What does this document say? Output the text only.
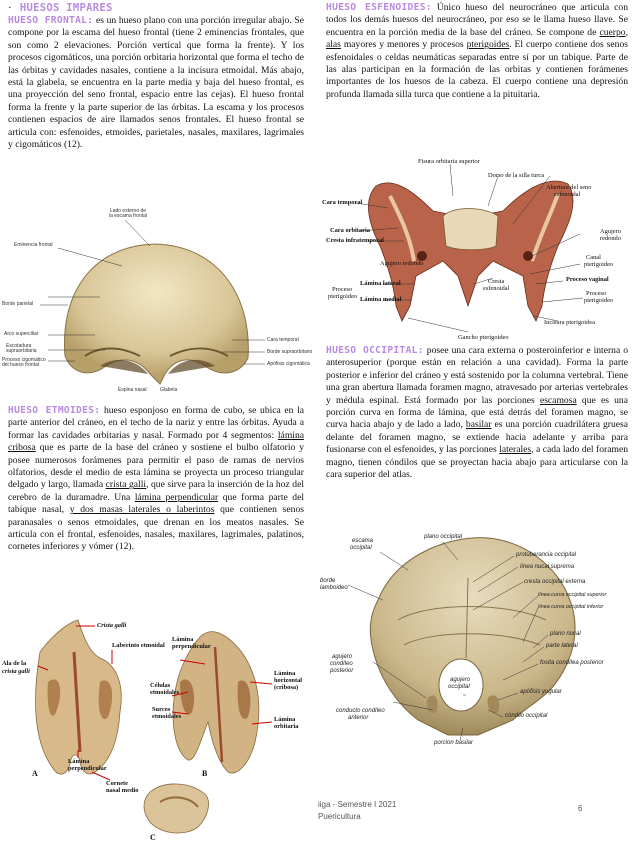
· HUESOS IMPARES
HUESO FRONTAL: es un hueso plano con una porción irregular abajo. Se compone por la escama del hueso frontal (tiene 2 eminencias frontales, que son como 2 elevaciones. Porción vertical que forma la frente). Y los procesos cigomáticos, una porción orbitaria horizontal que forma el techo de las órbitas y cavidades nasales, contiene a la incisura etmoidal. Más abajo, está la glabela, se encuentra en la parte media y baja del hueso frontal, es una proyección del seno frontal, espacio entre las cejas). El hueso frontal forma la frente y la parte superior de las órbitas. La escama y los procesos contienen espacios de aire llamados senos frontales. El hueso frontal se articula con: esfenoides, etmoides, parietales, nasales, maxilares, lagrimales y cigomáticos (12).
Lado externo de la escama frontal
Eminencia frontal
Borde parietal
Arco superciliar
Escotadura supraorbitaria
Proceso cigomático del hueso frontal
Espina nasal	Glabela
Cara temporal
Borde supraorbitario
Apófisis cigomática
HUESO ETMOIDES: hueso esponjoso en forma de cubo, se ubica en la parte anterior del cráneo, en el techo de la nariz y entre las órbitas. Ayuda a formar las cavidades orbitarias y nasal. Formado por 4 segmentos: lámina cribosa que es parte de la base del cráneo y sostiene el bulbo olfatorio y posee numerosos forámenes para permitir el paso de ramas de nervios olfatorios, desde el medio de esta lámina se proyecta un proceso triangular delgado y largo, llamada crista galli, que sirve para la inserción de la hoz del cerebro de la duramadre. Una lámina perpendicular que forma parte del tabique nasal, y dos masas laterales o laberintos que contienen senos paranasales o senos etmoidales, que drenan en los meatos nasales. Se articula con el frontal, esfenoides, nasales, maxilares, lagrimales, palatinos, cornetes inferiores y vómer (12).
Crista galli
Ala de la
crista galli
Laberinto etmoidal
Lámina
perpendicular
A	B
C
Lámina
perpendicular
Células
etmoidales
Surcos
etmoidales
Lámina
horizontal
(cribosa)
Lámina
orbitaria
Cornete
nasal medio
HUESO ESFENOIDES: Único hueso del neurocráneo que articula con todos los demás huesos del neurocráneo, por eso se le llama hueso llave. Se encuentra en la porción media de la base del cráneo. Se compone de cuerpo, alas mayores y menores y procesos pterigoides. El cuerpo contiene dos senos esfenoidales o celdas neumáticas separadas entre sí por un tabique. Parte de las alas participan en la formación de las orbitas y contienen forámenes importantes de los huesos de la cabeza. El cuerpo contiene una depresión profunda llamada silla turca que contiene a la pituitaria.
Fisura orbitaria superior
Dorso de la silla turca
Abertura del seno
esfenoidal
Cara temporal
Cara orbitaria
Cresta infratemporal
Agujero redondo
Agujero
redondo
Canal
pterigoideo
Cresta
esfenoidal
Lámina lateral
Lámina medial
Proceso
pterigoideo
Proceso vaginal
Proceso
pterigoideo
Incisura pterigoidea
Gancho pterigoideo
HUESO OCCIPITAL: posee una cara externa o posteroinferior e interna o anterosuperior (porque están en relación a una cavidad). Forma la parte posterior e inferior del cráneo y está sostenido por la columna vertebral. Tiene una gran abertura llamada foramen magno, atravesado por arterias vertebrales y médula espinal. Está formado por las porciones escamosa que es una porción curva en forma de lámina, que está detrás del foramen magno, se curva hacia abajo y de lado a lado, basilar es una porción cuadrilátera gruesa delante del foramen magno, se extiende hacia adelante y arriba para fusionarse con el esfenoides, y las porciones laterales, a cada lado del foramen magno, tienen cóndilos que se proyectan hacia abajo para articularse con la cara superior del atlas.
escama
occipital
plano occipital
protuberancia occipital
línea nucal suprema
cresta occipital externa
borde
lamboideo
línea curva occipital superior
línea curva occipital inferior
plano nucal
parte lateral
fosita condílea posterior
agujero
condíleo
posterior
agujero
occipital
apófisis yugular
cóndilo occipital
conducto condíleo
anterior
porcion basilar
iiga - Semestre I 2021
Puericultura
6
